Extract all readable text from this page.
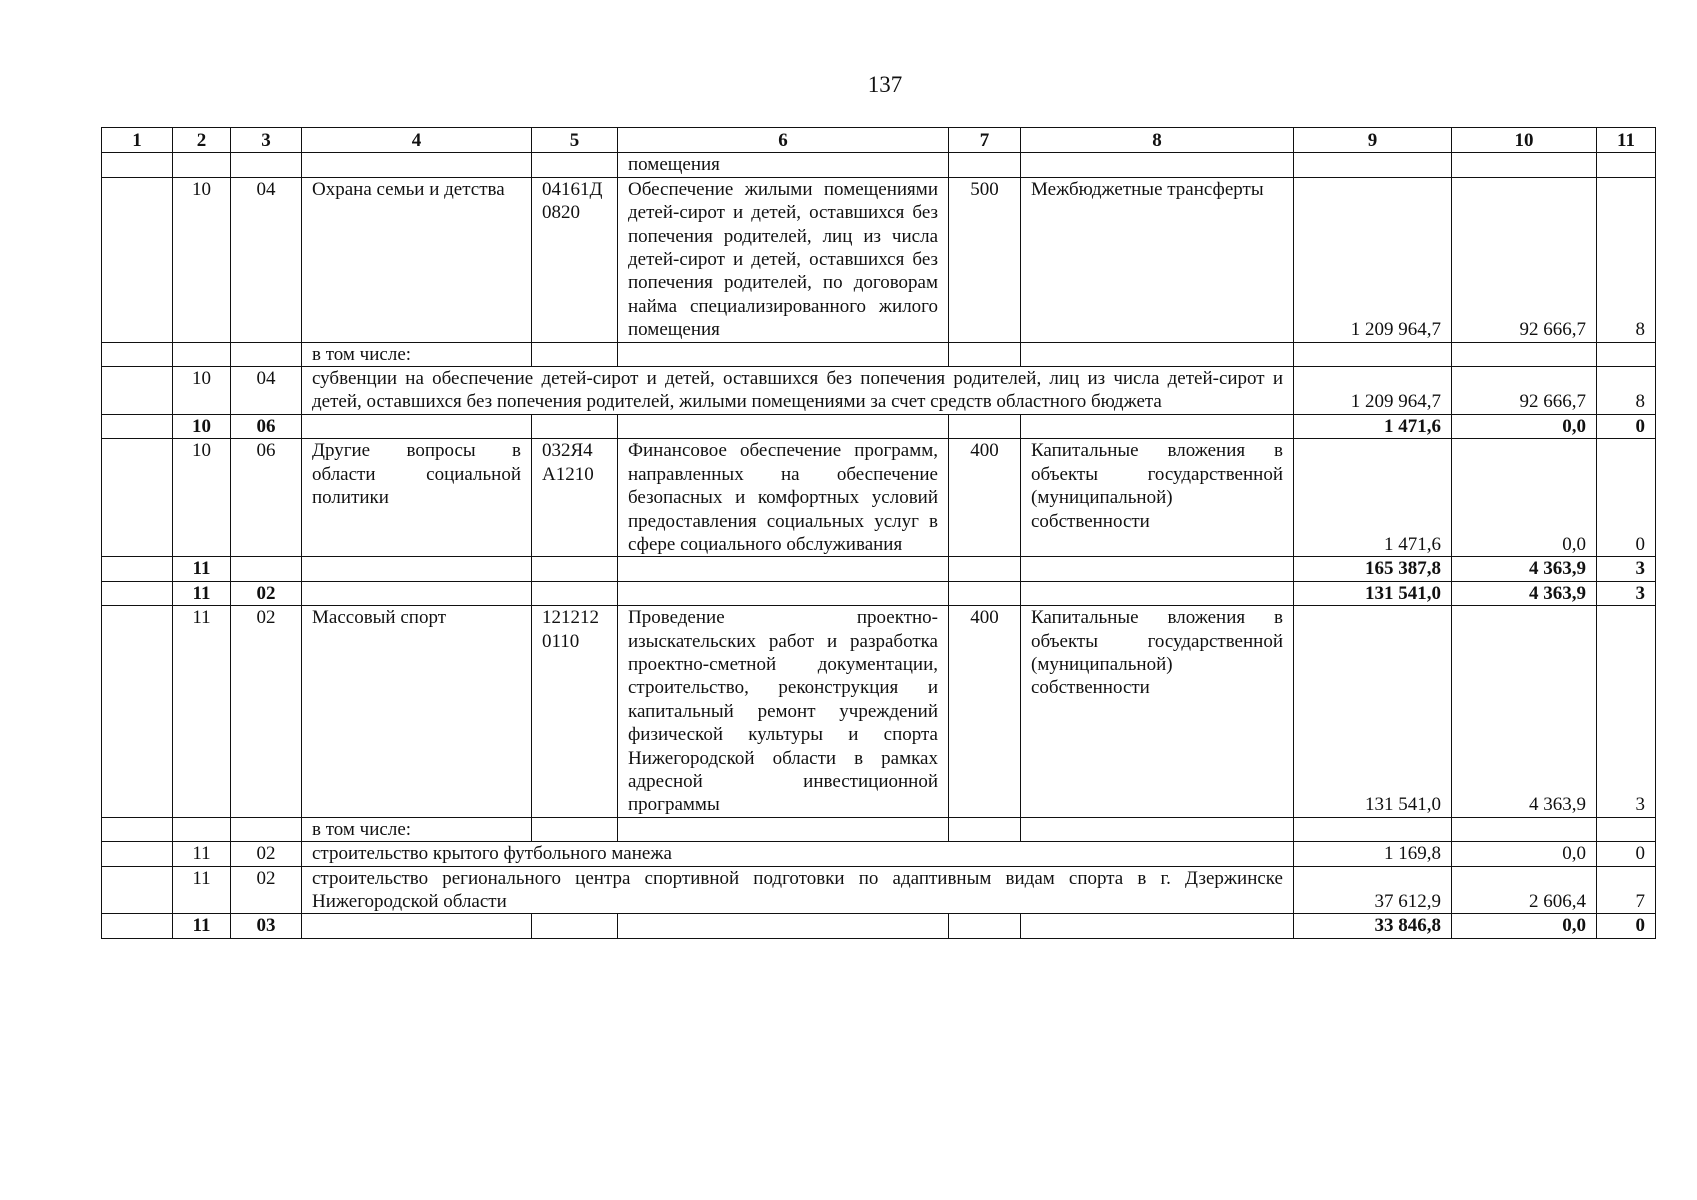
137
1	2	3	4	5	6	7	8	9	10	11
					помещения					
	10	04	Охрана семьи и детства	04161Д 0820	Обеспечение жилыми помещениями детей-сирот и детей, оставшихся без попечения родителей, лиц из числа детей-сирот и детей, оставшихся без попечения родителей, по договорам найма специализированного жилого помещения	500	Межбюджетные трансферты	1 209 964,7	92 666,7	8
			в том числе:							
	10	04	субвенции на обеспечение детей-сирот и детей, оставшихся без попечения родителей, лиц из числа детей-сирот и детей, оставшихся без попечения родителей, жилыми помещениями за счет средств областного бюджета					1 209 964,7	92 666,7	8
	10	06						1 471,6	0,0	0
	10	06	Другие вопросы в области социальной политики	032Я4 А1210	Финансовое обеспечение программ, направленных на обеспечение безопасных и комфортных условий предоставления социальных услуг в сфере социального обслуживания	400	Капитальные вложения в объекты государственной (муниципальной) собственности	1 471,6	0,0	0
	11							165 387,8	4 363,9	3
	11	02						131 541,0	4 363,9	3
	11	02	Массовый спорт	121212 0110	Проведение проектно-изыскательских работ и разработка проектно-сметной документации, строительство, реконструкция и капитальный ремонт учреждений физической культуры и спорта Нижегородской области в рамках адресной инвестиционной программы	400	Капитальные вложения в объекты государственной (муниципальной) собственности	131 541,0	4 363,9	3
			в том числе:							
	11	02	строительство крытого футбольного манежа					1 169,8	0,0	0
	11	02	строительство регионального центра спортивной подготовки по адаптивным видам спорта в г. Дзержинске Нижегородской области					37 612,9	2 606,4	7
	11	03						33 846,8	0,0	0
